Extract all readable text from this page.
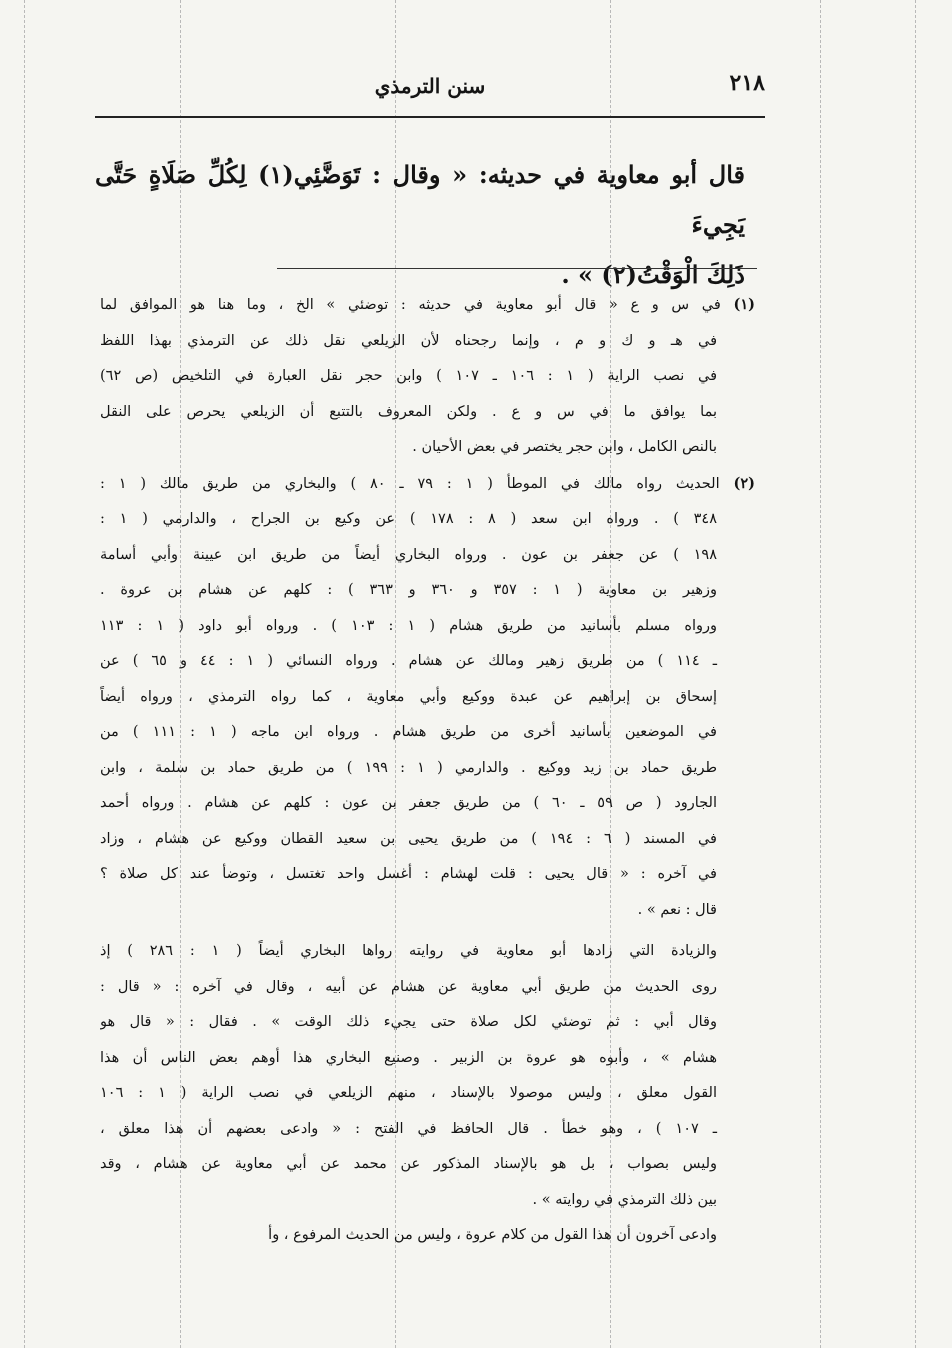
٢١٨
سنن الترمذي
قال أبو معاوية في حديثه: « وقال : تَوَضَّئِي(١) لِكُلِّ صَلَاةٍ حَتَّى يَجِيءَ
ذَلِكَ الْوَقْتُ(٢) » .
(١) في س و ع « قال أبو معاوية في حديثه : توضئي » الخ ، وما هنا هو الموافق لما
في هـ و ك و م ، وإنما رجحناه لأن الزيلعي نقل ذلك عن الترمذي بهذا اللفظ
في نصب الراية ( ١ : ١٠٦ ـ ١٠٧ ) وابن حجر نقل العبارة في التلخيص (ص ٦٢)
بما يوافق ما في س و ع . ولكن المعروف بالتتبع أن الزيلعي يحرص على النقل
بالنص الكامل ، وابن حجر يختصر في بعض الأحيان .
(٢) الحديث رواه مالك في الموطأ ( ١ : ٧٩ ـ ٨٠ ) والبخاري من طريق مالك ( ١ :
٣٤٨ ) . ورواه ابن سعد ( ٨ : ١٧٨ ) عن وكيع بن الجراح ، والدارمي ( ١ :
١٩٨ ) عن جعفر بن عون . ورواه البخاري أيضاً من طريق ابن عيينة وأبي أسامة
وزهير بن معاوية ( ١ : ٣٥٧ و ٣٦٠ و ٣٦٣ ) : كلهم عن هشام بن عروة .
ورواه مسلم بأسانيد من طريق هشام ( ١ : ١٠٣ ) . ورواه أبو داود ( ١ : ١١٣
ـ ١١٤ ) من طريق زهير ومالك عن هشام . ورواه النسائي ( ١ : ٤٤ و ٦٥ ) عن
إسحاق بن إبراهيم عن عبدة ووكيع وأبي معاوية ، كما رواه الترمذي ، ورواه أيضاً
في الموضعين بأسانيد أخرى من طريق هشام . ورواه ابن ماجه ( ١ : ١١١ ) من
طريق حماد بن زيد ووكيع . والدارمي ( ١ : ١٩٩ ) من طريق حماد بن سلمة ، وابن
الجارود ( ص ٥٩ ـ ٦٠ ) من طريق جعفر بن عون : كلهم عن هشام . ورواه أحمد
في المسند ( ٦ : ١٩٤ ) من طريق يحيى بن سعيد القطان ووكيع عن هشام ، وزاد
في آخره : « قال يحيى : قلت لهشام : أغسل واحد تغتسل ، وتوضأ عند كل صلاة ؟
قال : نعم » .
والزيادة التي زادها أبو معاوية في روايته رواها البخاري أيضاً ( ١ : ٢٨٦ ) إذ
روى الحديث من طريق أبي معاوية عن هشام عن أبيه ، وقال في آخره : « قال :
وقال أبي : ثم توضئي لكل صلاة حتى يجيء ذلك الوقت » . فقال : « قال هو
هشام » ، وأبوه هو عروة بن الزبير . وصنيع البخاري هذا أوهم بعض الناس أن هذا
القول معلق ، وليس موصولا بالإسناد ، منهم الزيلعي في نصب الراية ( ١ : ١٠٦
ـ ١٠٧ ) ، وهو خطأ . قال الحافظ في الفتح : « وادعى بعضهم أن هذا معلق ،
وليس بصواب ، بل هو بالإسناد المذكور عن محمد عن أبي معاوية عن هشام ، وقد
بين ذلك الترمذي في روايته » .
وادعى آخرون أن هذا القول من كلام عروة ، وليس من الحديث المرفوع ، وأ
